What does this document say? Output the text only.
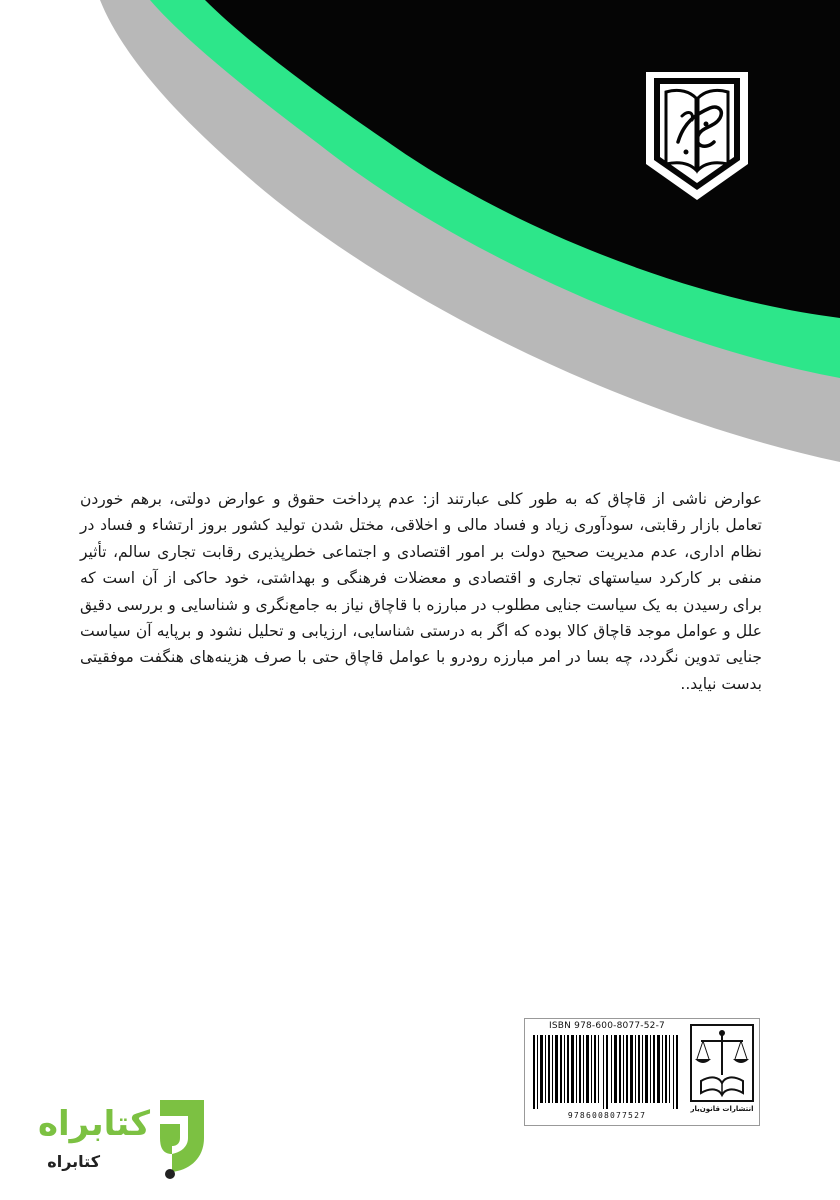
عوارض ناشی از قاچاق که به طور کلی عبارتند از: عدم پرداخت حقوق و عوارض دولتی، برهم خوردن تعامل بازار رقابتی، سودآوری زیاد و فساد مالی و اخلاقی، مختل شدن تولید کشور بروز ارتشاء و فساد در نظام اداری، عدم مدیریت صحیح دولت بر امور اقتصادی و اجتماعی خطرپذیری رقابت تجاری سالم، تأثیر منفی بر کارکرد سیاستهای تجاری و اقتصادی و معضلات فرهنگی و بهداشتی، خود حاکی از آن است که برای رسیدن به یک سیاست جنایی مطلوب در مبارزه با قاچاق نیاز به جامع‌نگری و شناسایی و بررسی دقیق علل و عوامل موجد قاچاق کالا بوده که اگر به درستی شناسایی، ارزیابی و تحلیل نشود و برپایه آن سیاست جنایی تدوین نگردد، چه بسا در امر مبارزه رودرو با عوامل قاچاق حتی با صرف هزینه‌های هنگفت موفقیتی بدست نیاید..

ISBN 978-600-8077-52-7
9786008077527
انتشارات قانون‌یار
کتابراه
کتابراه
